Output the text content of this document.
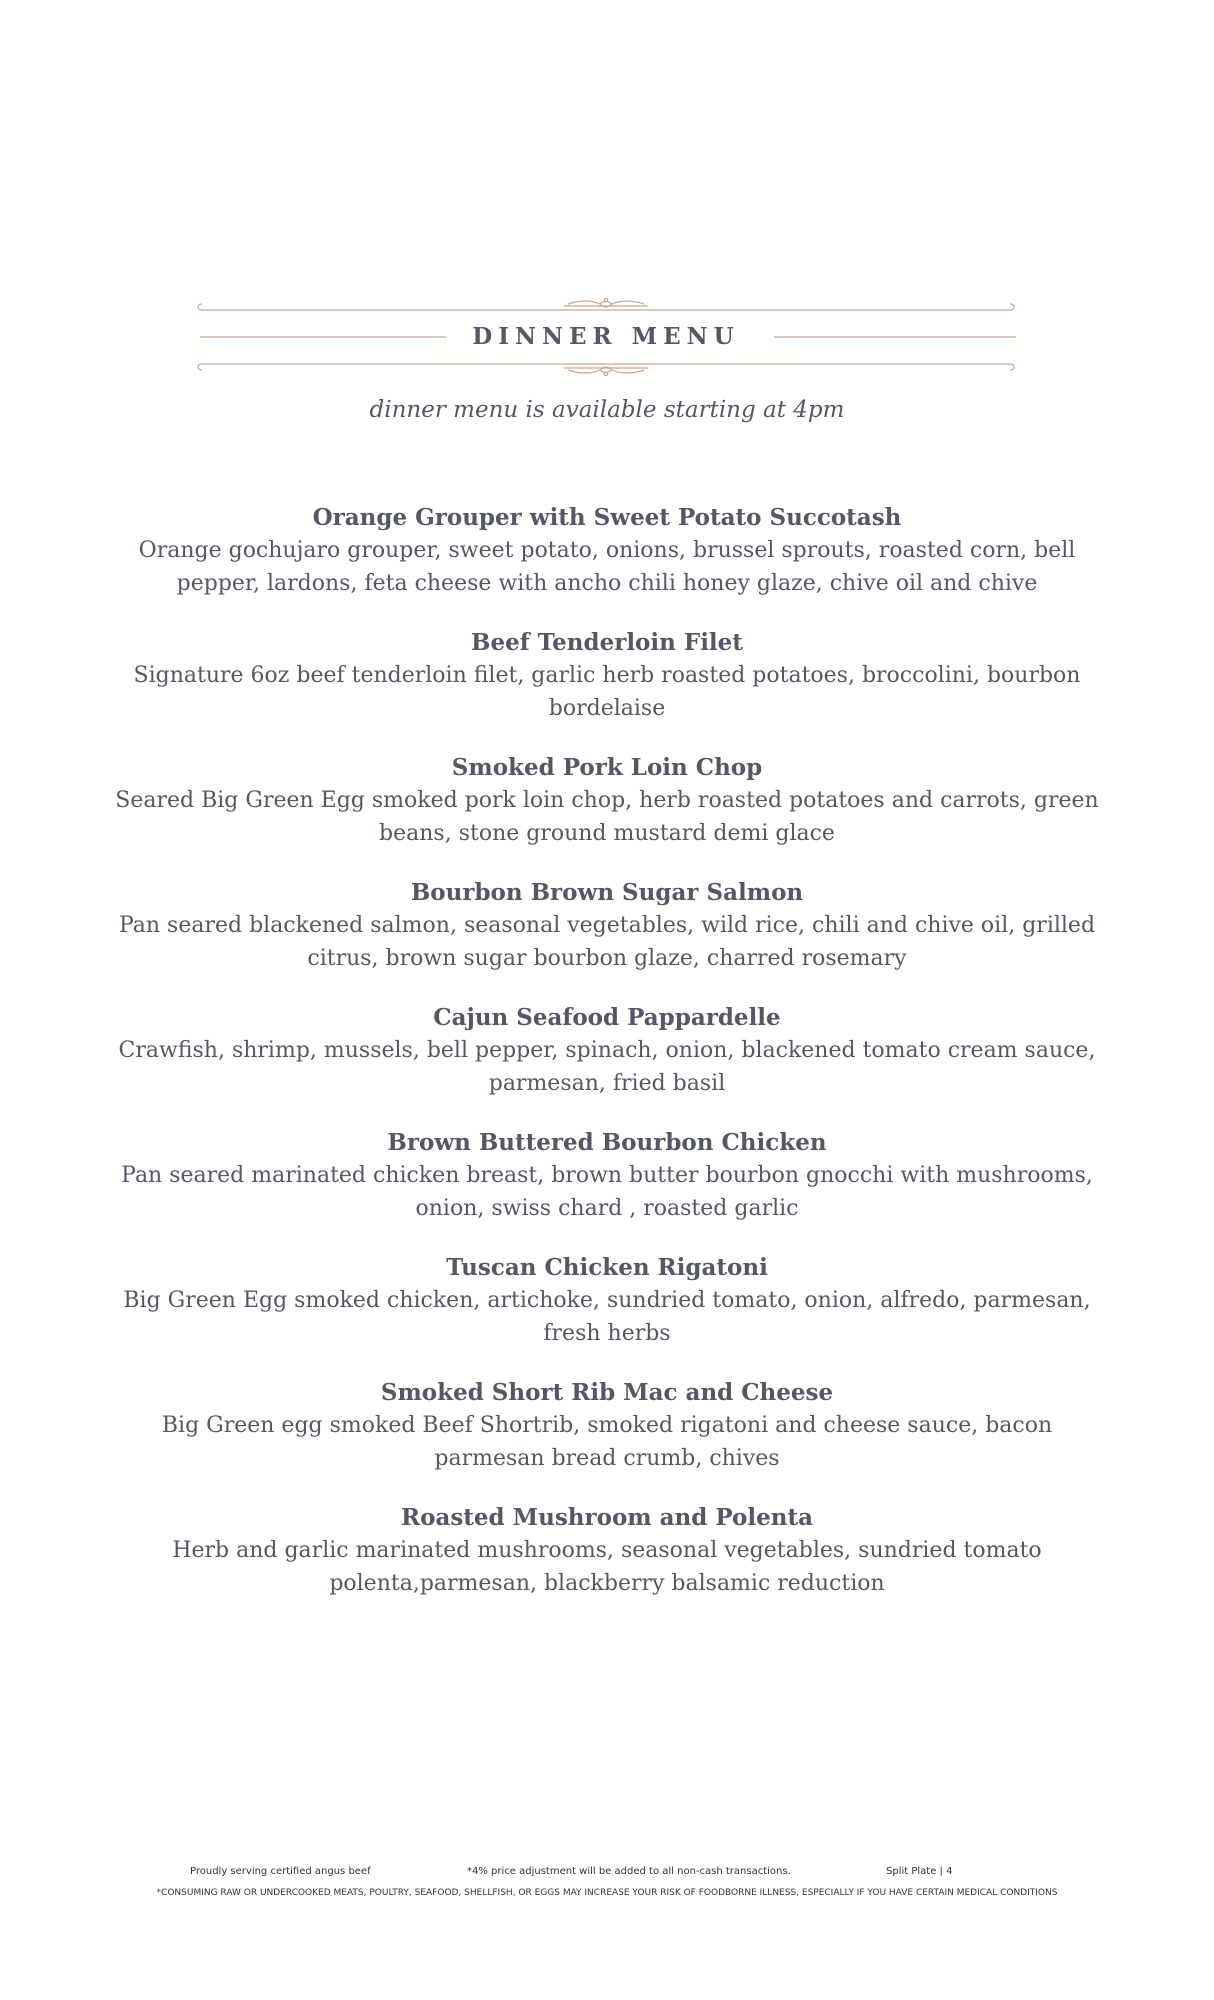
DINNER MENU
dinner menu is available starting at 4pm
Orange Grouper with Sweet Potato Succotash
Orange gochujaro grouper, sweet potato, onions, brussel sprouts, roasted corn, bell pepper, lardons, feta cheese with ancho chili honey glaze, chive oil and chive
Beef Tenderloin Filet
Signature 6oz beef tenderloin filet, garlic herb roasted potatoes, broccolini, bourbon bordelaise
Smoked Pork Loin Chop
Seared Big Green Egg smoked pork loin chop, herb roasted potatoes and carrots, green beans, stone ground mustard demi glace
Bourbon Brown Sugar Salmon
Pan seared blackened salmon, seasonal vegetables, wild rice, chili and chive oil, grilled citrus, brown sugar bourbon glaze, charred rosemary
Cajun Seafood Pappardelle
Crawfish, shrimp, mussels, bell pepper, spinach, onion, blackened tomato cream sauce, parmesan, fried basil
Brown Buttered Bourbon Chicken
Pan seared marinated chicken breast, brown butter bourbon gnocchi with mushrooms, onion, swiss chard , roasted garlic
Tuscan Chicken Rigatoni
Big Green Egg smoked chicken, artichoke, sundried tomato, onion, alfredo, parmesan, fresh herbs
Smoked Short Rib Mac and Cheese
Big Green egg smoked Beef Shortrib, smoked rigatoni and cheese sauce, bacon parmesan bread crumb, chives
Roasted Mushroom and Polenta
Herb and garlic marinated mushrooms, seasonal vegetables, sundried tomato polenta,parmesan, blackberry balsamic reduction
Proudly serving certified angus beef	*4% price adjustment will be added to all non-cash transactions.	Split Plate | 4
*CONSUMING RAW OR UNDERCOOKED MEATS, POULTRY, SEAFOOD, SHELLFISH, OR EGGS MAY INCREASE YOUR RISK OF FOODBORNE ILLNESS, ESPECIALLY IF YOU HAVE CERTAIN MEDICAL CONDITIONS
